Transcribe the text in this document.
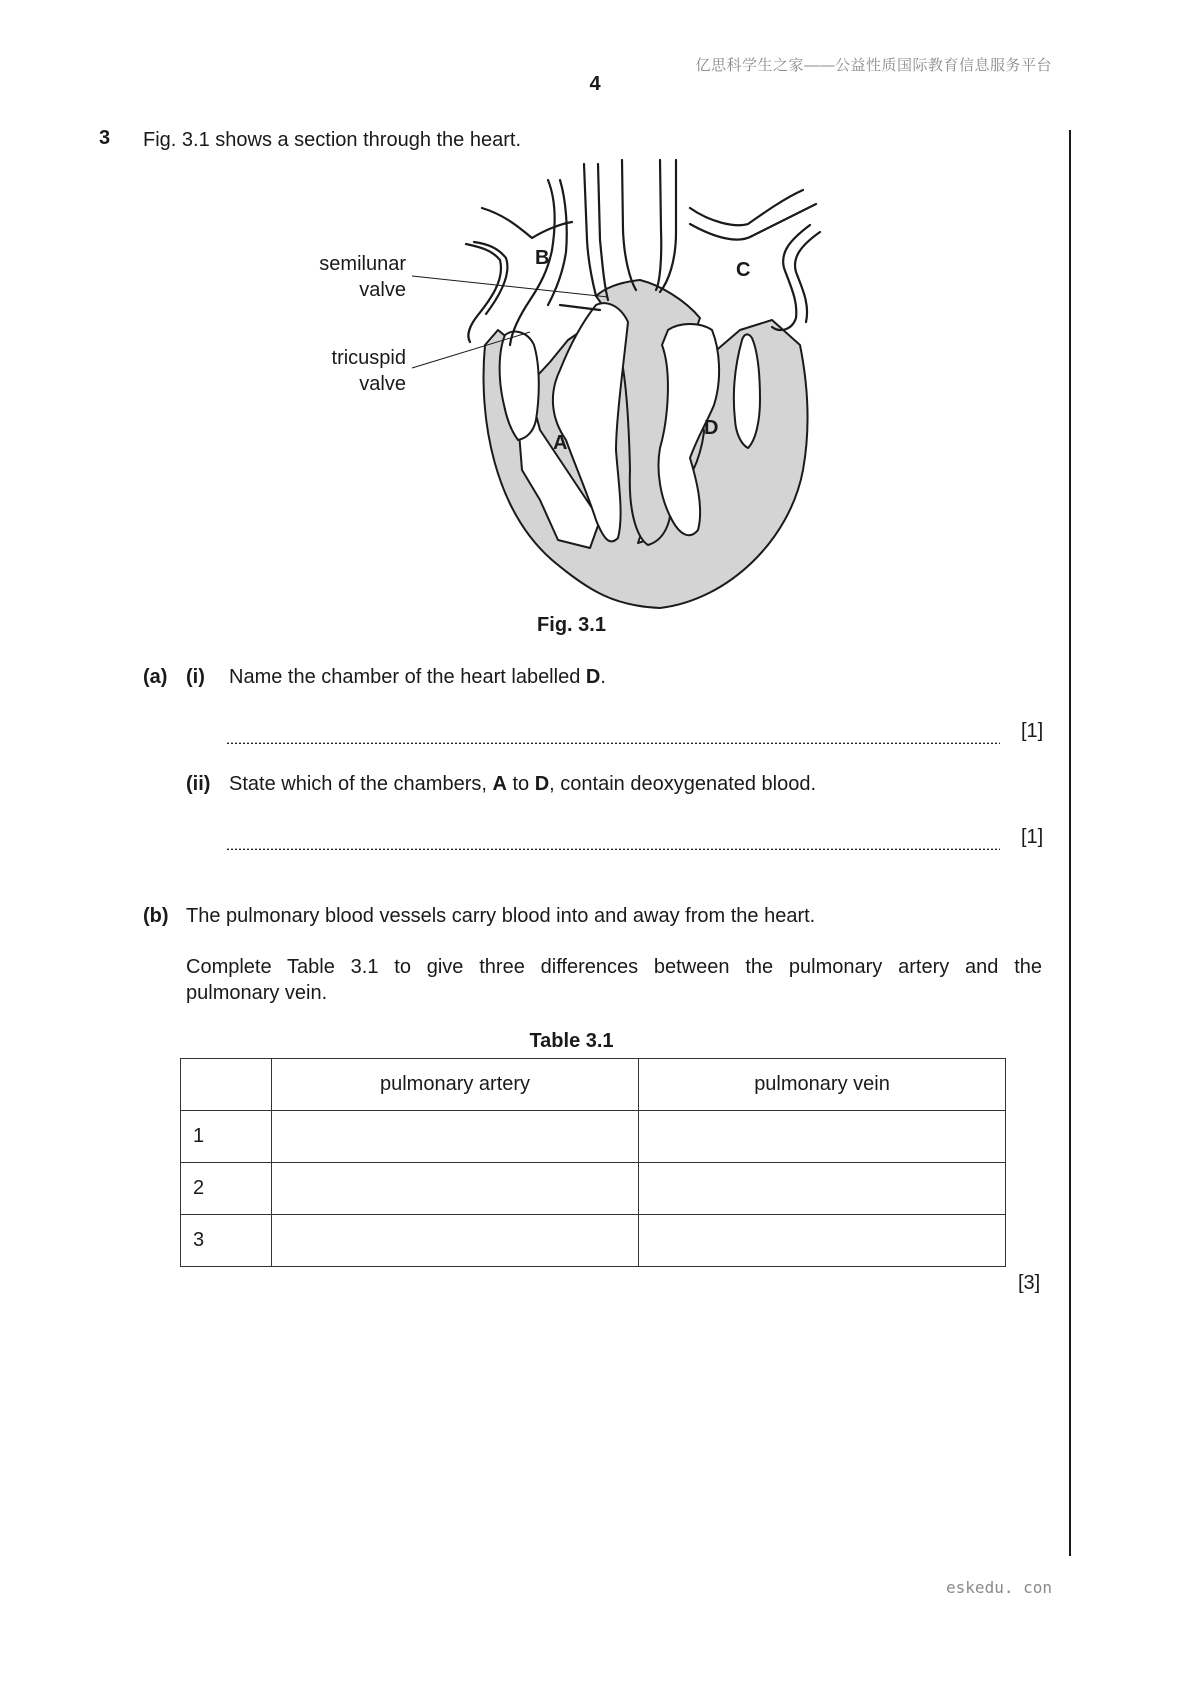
亿思科学生之家——公益性质国际教育信息服务平台
4
3 Fig. 3.1 shows a section through the heart.
B
C
A
D
semilunar
valve
tricuspid
valve
Fig. 3.1
(a) (i) Name the chamber of the heart labelled D.
[1]
(ii) State which of the chambers, A to D, contain deoxygenated blood.
[1]
(b) The pulmonary blood vessels carry blood into and away from the heart.
Complete Table 3.1 to give three differences between the pulmonary artery and the
pulmonary vein.
Table 3.1
	pulmonary artery	pulmonary vein
1		
2		
3		
[3]
eskedu. con
